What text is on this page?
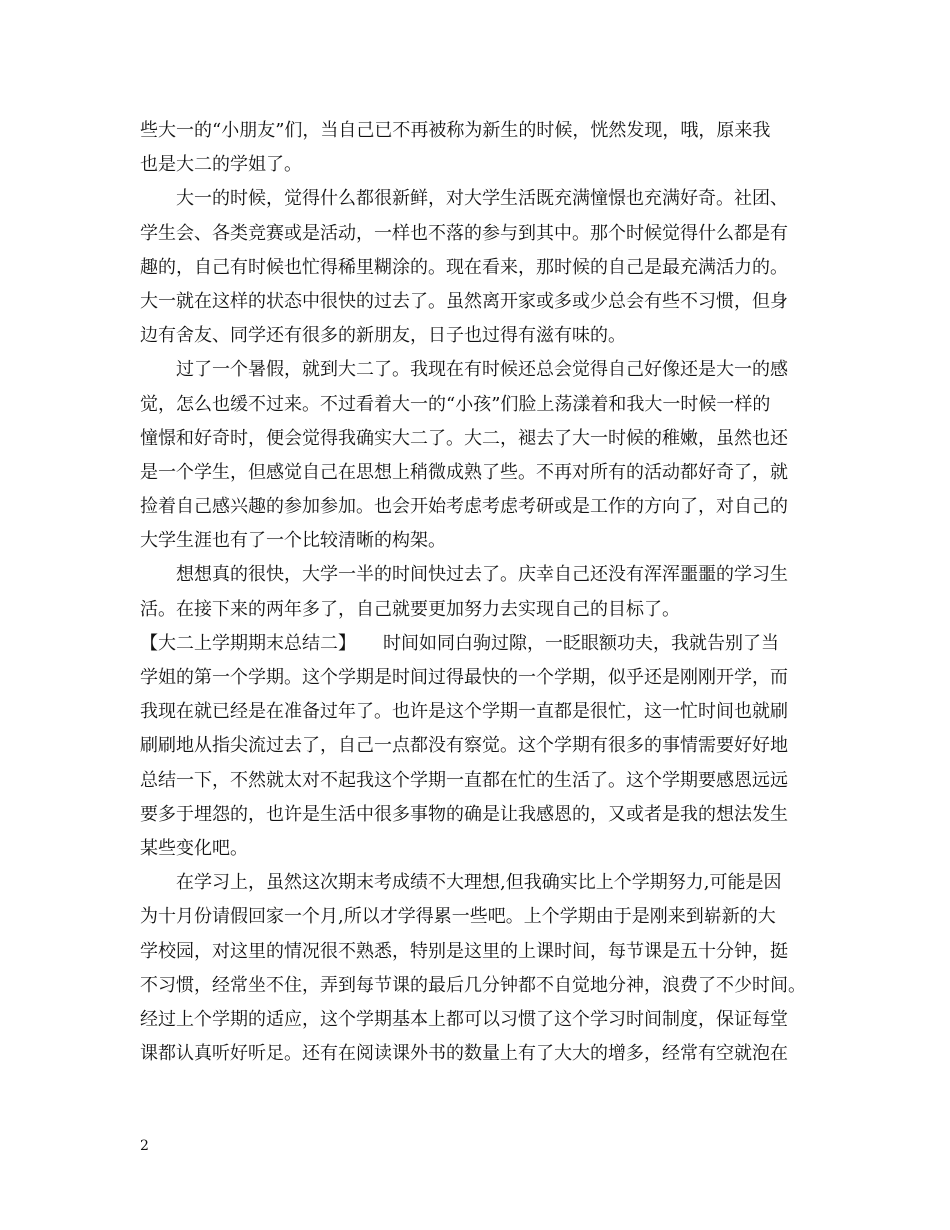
些大一的“小朋友”们，当自己已不再被称为新生的时候，恍然发现，哦，原来我
也是大二的学姐了。
　　大一的时候，觉得什么都很新鲜，对大学生活既充满憧憬也充满好奇。社团、
学生会、各类竞赛或是活动，一样也不落的参与到其中。那个时候觉得什么都是有
趣的，自己有时候也忙得稀里糊涂的。现在看来，那时候的自己是最充满活力的。
大一就在这样的状态中很快的过去了。虽然离开家或多或少总会有些不习惯，但身
边有舍友、同学还有很多的新朋友，日子也过得有滋有味的。
　　过了一个暑假，就到大二了。我现在有时候还总会觉得自己好像还是大一的感
觉，怎么也缓不过来。不过看着大一的“小孩”们脸上荡漾着和我大一时候一样的
憧憬和好奇时，便会觉得我确实大二了。大二，褪去了大一时候的稚嫩，虽然也还
是一个学生，但感觉自己在思想上稍微成熟了些。不再对所有的活动都好奇了，就
捡着自己感兴趣的参加参加。也会开始考虑考虑考研或是工作的方向了，对自己的
大学生涯也有了一个比较清晰的构架。
　　想想真的很快，大学一半的时间快过去了。庆幸自己还没有浑浑噩噩的学习生
活。在接下来的两年多了，自己就要更加努力去实现自己的目标了。
【大二上学期期末总结二】　　时间如同白驹过隙，一眨眼额功夫，我就告别了当
学姐的第一个学期。这个学期是时间过得最快的一个学期，似乎还是刚刚开学，而
我现在就已经是在准备过年了。也许是这个学期一直都是很忙，这一忙时间也就刷
刷刷地从指尖流过去了，自己一点都没有察觉。这个学期有很多的事情需要好好地
总结一下，不然就太对不起我这个学期一直都在忙的生活了。这个学期要感恩远远
要多于埋怨的，也许是生活中很多事物的确是让我感恩的，又或者是我的想法发生
某些变化吧。
　　在学习上，虽然这次期末考成绩不大理想,但我确实比上个学期努力,可能是因
为十月份请假回家一个月,所以才学得累一些吧。上个学期由于是刚来到崭新的大
学校园，对这里的情况很不熟悉，特别是这里的上课时间，每节课是五十分钟，挺
不习惯，经常坐不住，弄到每节课的最后几分钟都不自觉地分神，浪费了不少时间。
经过上个学期的适应，这个学期基本上都可以习惯了这个学习时间制度，保证每堂
课都认真听好听足。还有在阅读课外书的数量上有了大大的增多，经常有空就泡在
2
